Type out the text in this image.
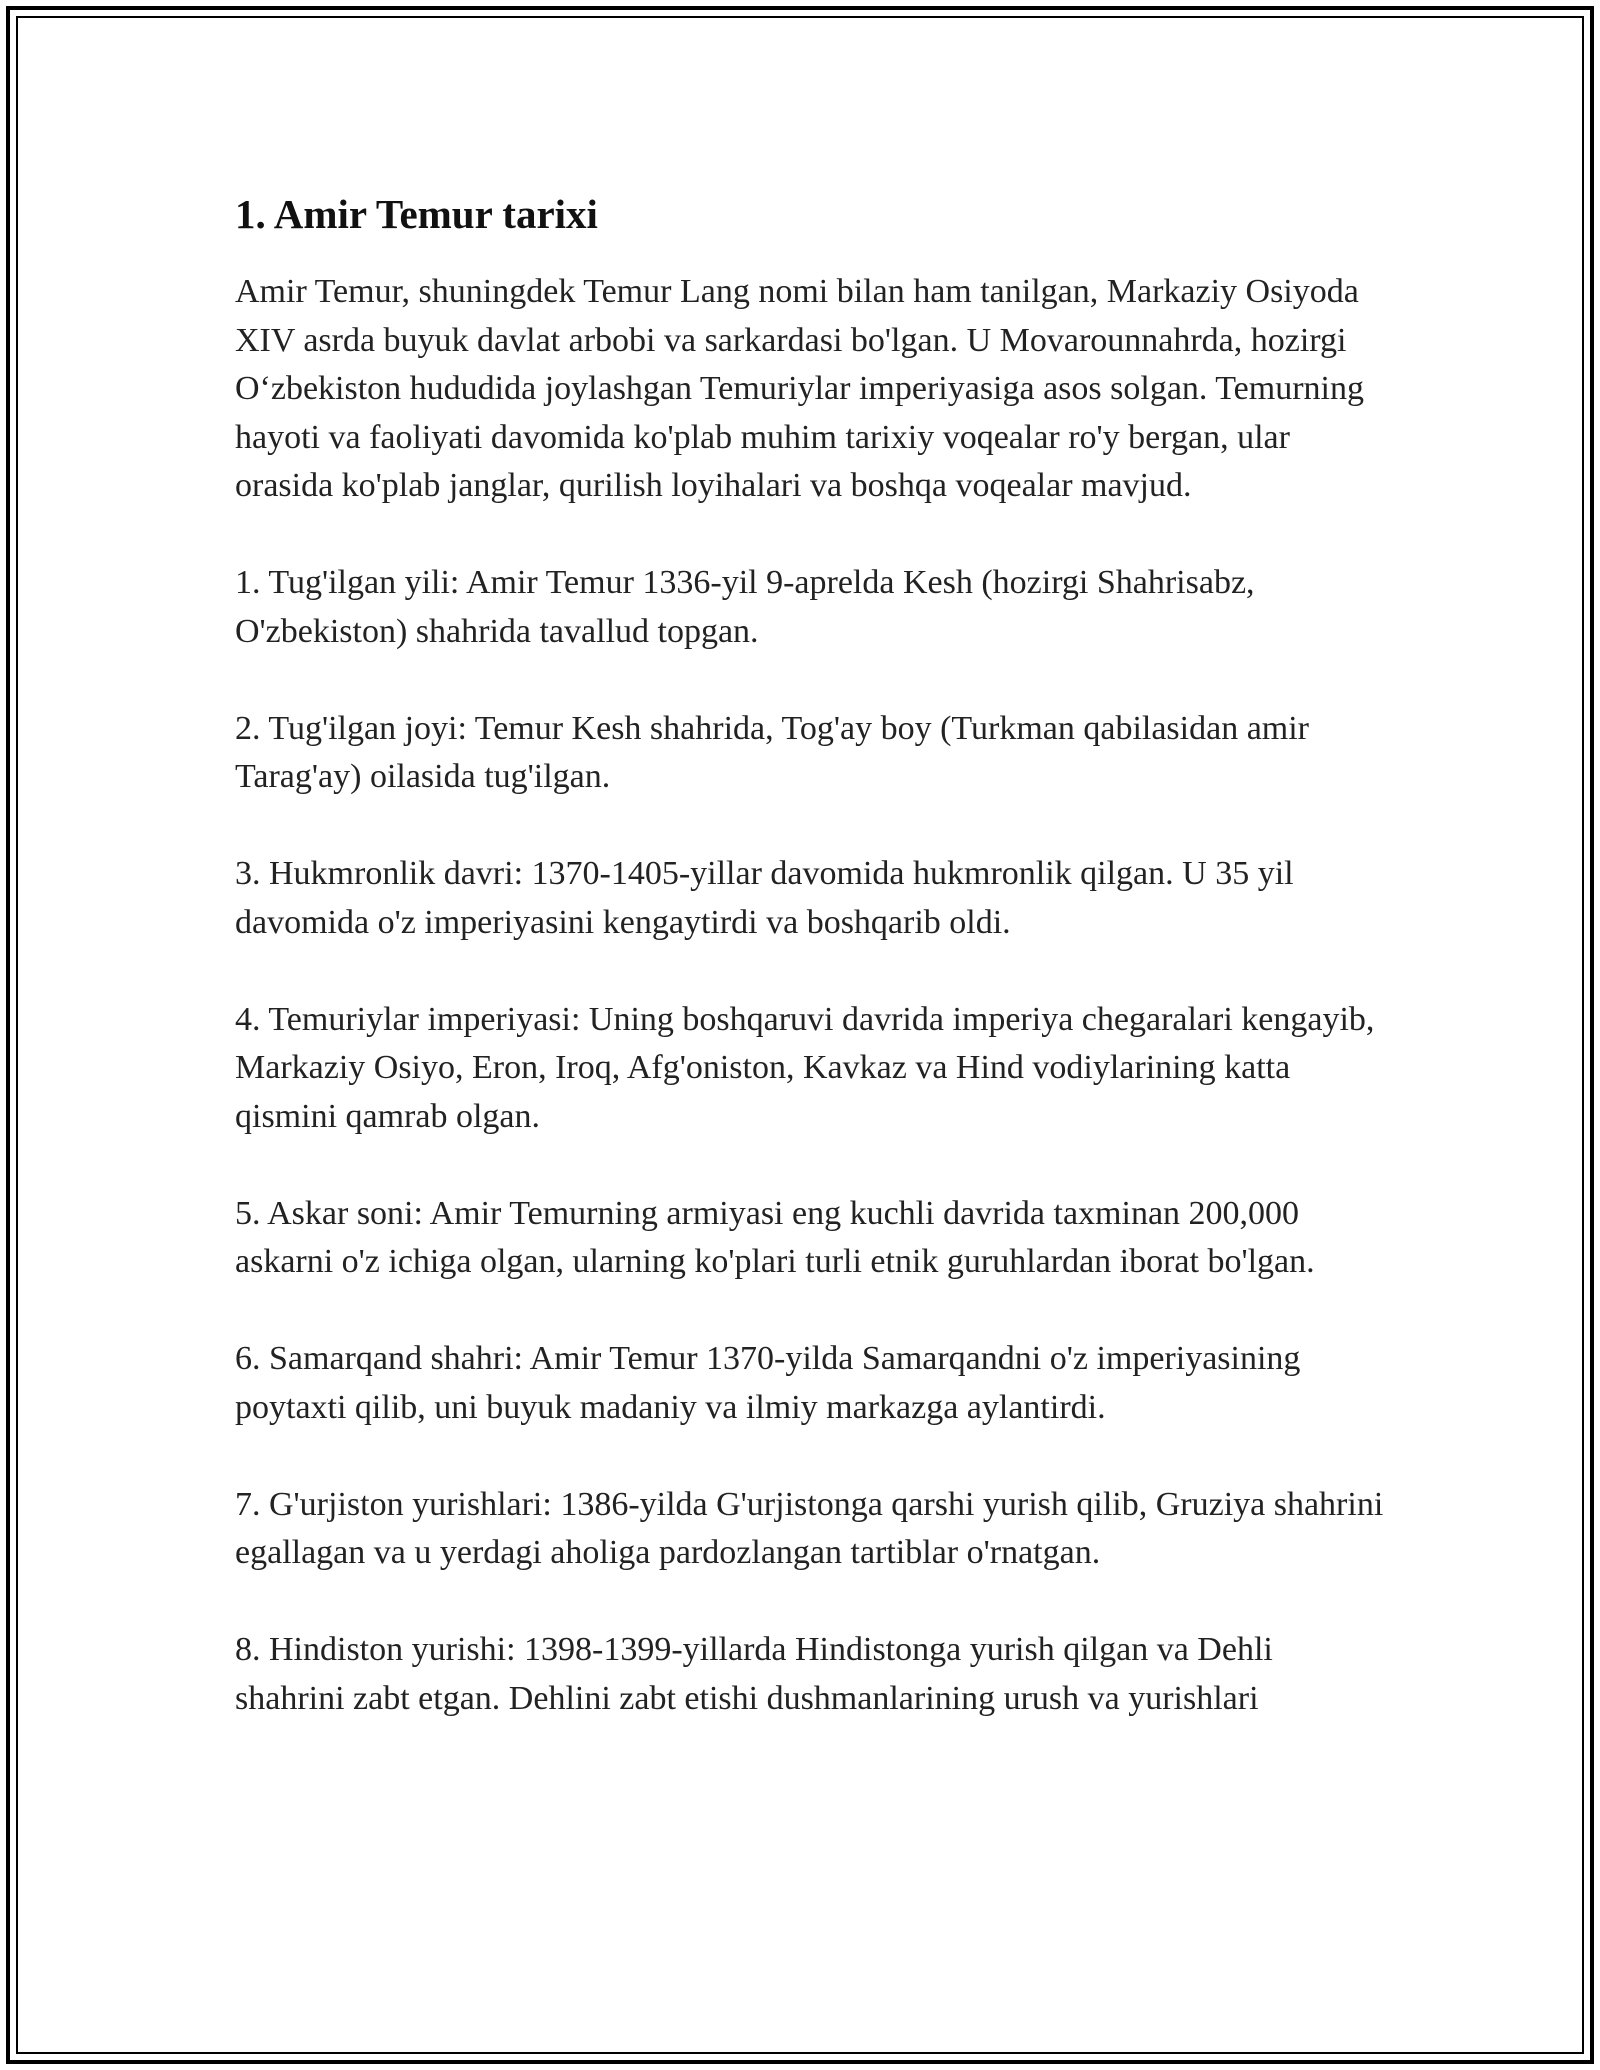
1. Amir Temur tarixi

Amir Temur, shuningdek Temur Lang nomi bilan ham tanilgan, Markaziy Osiyoda XIV asrda buyuk davlat arbobi va sarkardasi bo'lgan. U Movarounnahrda, hozirgi O‘zbekiston hududida joylashgan Temuriylar imperiyasiga asos solgan. Temurning hayoti va faoliyati davomida ko'plab muhim tarixiy voqealar ro'y bergan, ular orasida ko'plab janglar, qurilish loyihalari va boshqa voqealar mavjud.

1. Tug'ilgan yili: Amir Temur 1336-yil 9-aprelda Kesh (hozirgi Shahrisabz, O'zbekiston) shahrida tavallud topgan.

2. Tug'ilgan joyi: Temur Kesh shahrida, Tog'ay boy (Turkman qabilasidan amir Tarag'ay) oilasida tug'ilgan.

3. Hukmronlik davri: 1370-1405-yillar davomida hukmronlik qilgan. U 35 yil davomida o'z imperiyasini kengaytirdi va boshqarib oldi.

4. Temuriylar imperiyasi: Uning boshqaruvi davrida imperiya chegaralari kengayib, Markaziy Osiyo, Eron, Iroq, Afg'oniston, Kavkaz va Hind vodiylarining katta qismini qamrab olgan.

5. Askar soni: Amir Temurning armiyasi eng kuchli davrida taxminan 200,000 askarni o'z ichiga olgan, ularning ko'plari turli etnik guruhlardan iborat bo'lgan.

6. Samarqand shahri: Amir Temur 1370-yilda Samarqandni o'z imperiyasining poytaxti qilib, uni buyuk madaniy va ilmiy markazga aylantirdi.

7. G'urjiston yurishlari: 1386-yilda G'urjistonga qarshi yurish qilib, Gruziya shahrini egallagan va u yerdagi aholiga pardozlangan tartiblar o'rnatgan.

8. Hindiston yurishi: 1398-1399-yillarda Hindistonga yurish qilgan va Dehli shahrini zabt etgan. Dehlini zabt etishi dushmanlarining urush va yurishlari
